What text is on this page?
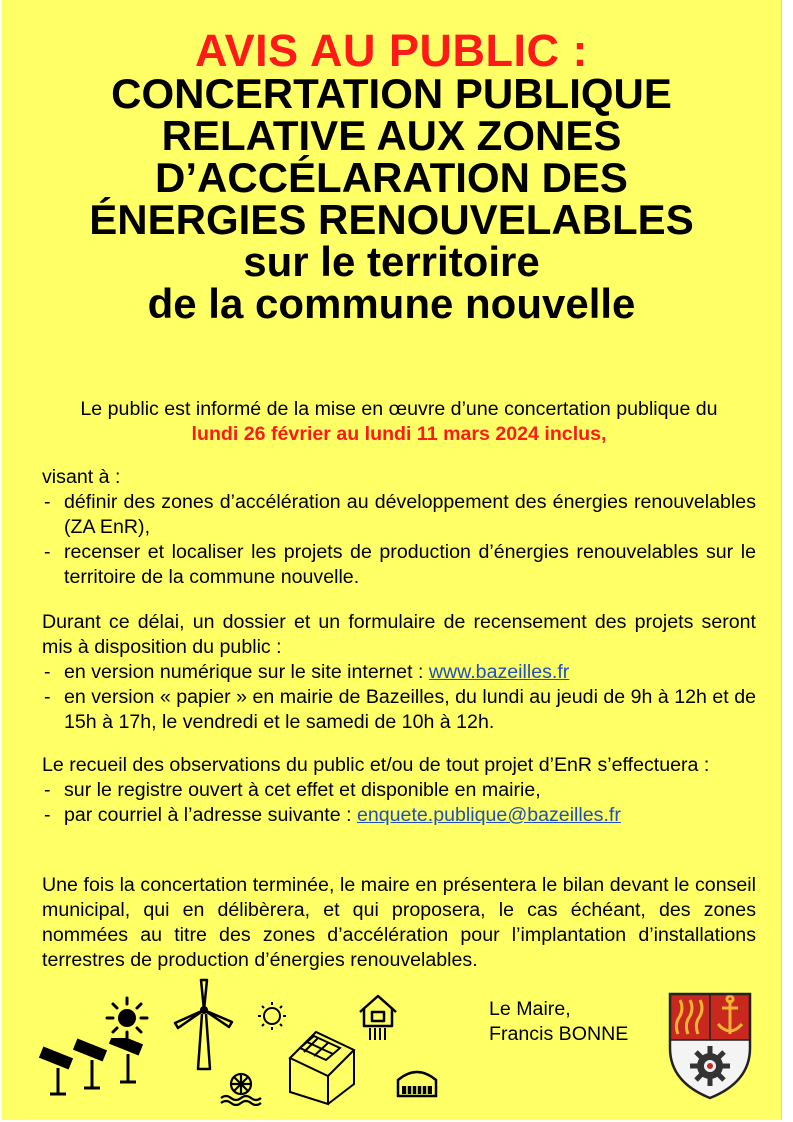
AVIS AU PUBLIC :
CONCERTATION PUBLIQUE
RELATIVE AUX ZONES
D’ACCÉLARATION DES
ÉNERGIES RENOUVELABLES
sur le territoire
de la commune nouvelle
Le public est informé de la mise en œuvre d’une concertation publique du
lundi 26 février au lundi 11 mars 2024 inclus,
visant à :
- définir des zones d’accélération au développement des énergies renouvelables (ZA EnR),
- recenser et localiser les projets de production d’énergies renouvelables sur le territoire de la commune nouvelle.
Durant ce délai, un dossier et un formulaire de recensement des projets seront mis à disposition du public :
- en version numérique sur le site internet : www.bazeilles.fr
- en version « papier » en mairie de Bazeilles, du lundi au jeudi de 9h à 12h et de 15h à 17h, le vendredi et le samedi de 10h à 12h.
Le recueil des observations du public et/ou de tout projet d’EnR s’effectuera :
- sur le registre ouvert à cet effet et disponible en mairie,
- par courriel à l’adresse suivante : enquete.publique@bazeilles.fr
Une fois la concertation terminée, le maire en présentera le bilan devant le conseil municipal, qui en délibèrera, et qui proposera, le cas échéant, des zones nommées au titre des zones d’accélération pour l’implantation d’installations terrestres de production d’énergies renouvelables.
Le Maire,
Francis BONNE
